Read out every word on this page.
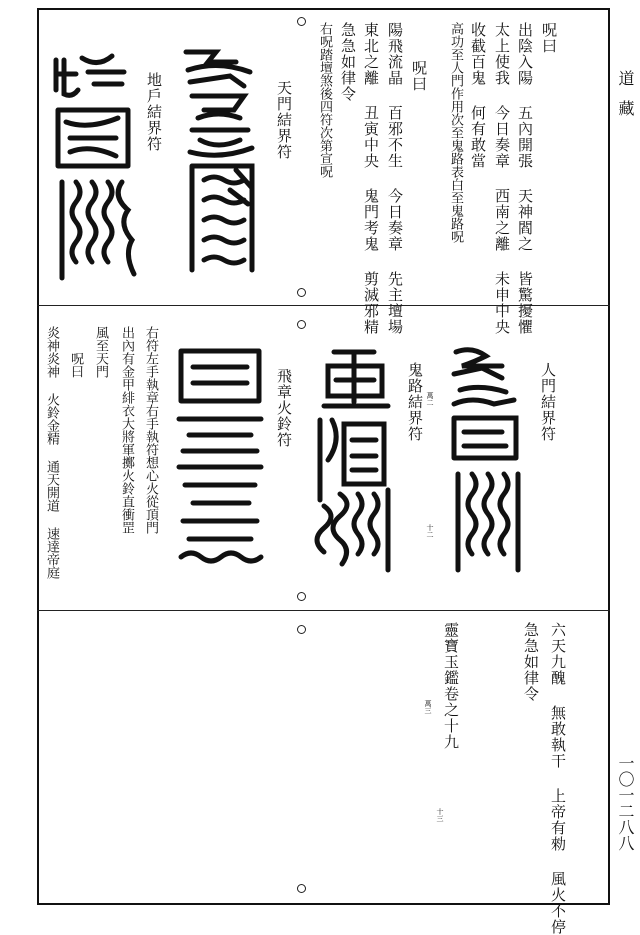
道藏
一〇一二八八
呪曰
出陰入陽 五內開張 天神閻之 皆驚擾懼
太上使我 今日奏章 西南之離 未申中央
收截百鬼 何有敢當
高功至人門作用次至鬼路表白至鬼路呪
呪曰
陽飛流晶 百邪不生 今日奏章 先主壇場
東北之離 丑寅中央 鬼門考鬼 剪滅邪精
急急如律令
右呪踏壇煞後四符次第宣呪
天門結界符
地戶結界符
人門結界符
鬼路結界符
飛章火鈴符
右符左手執章右手執符想心火從頂門
出內有金甲緋衣大將軍擲火鈴直衝罡
風至天門
呪曰
炎神炎神 火鈴金精 通天開道 速達帝庭	萬二
十二
六天九醜 無敢執干 上帝有勑 風火不停
急急如律令
靈寶玉鑑卷之十九
萬三
十三
